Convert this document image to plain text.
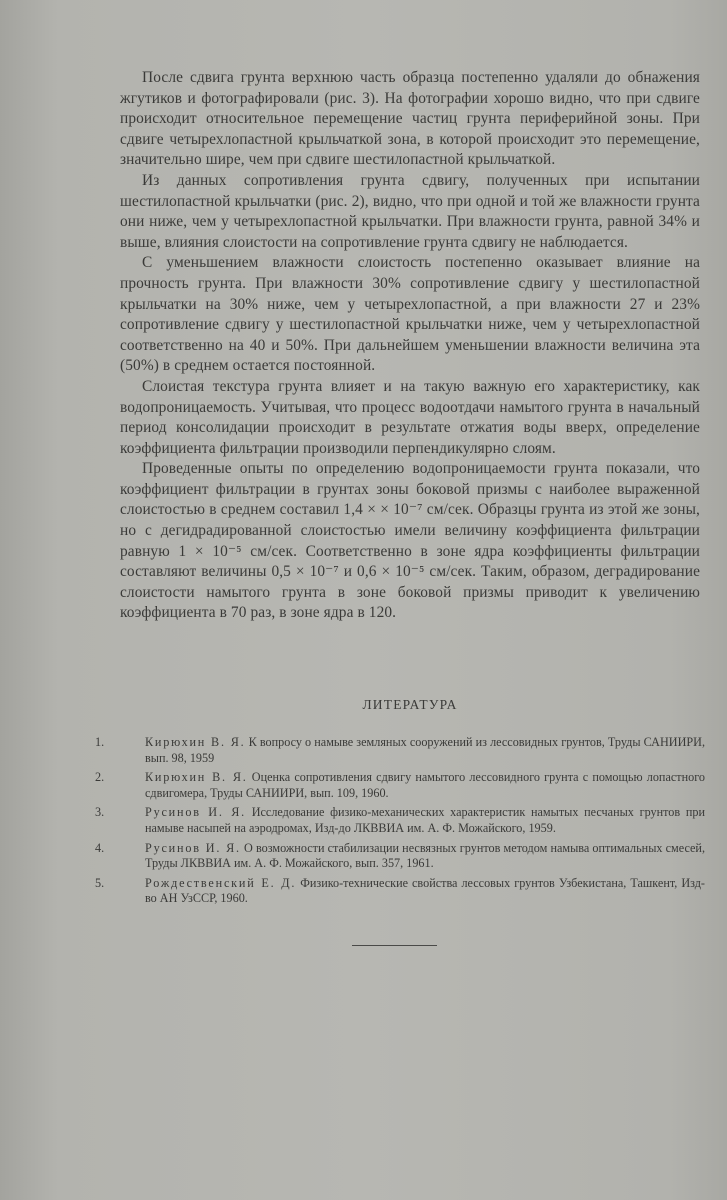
После сдвига грунта верхнюю часть образца постепенно удаляли до обнажения жгутиков и фотографировали (рис. 3). На фотографии хорошо видно, что при сдвиге происходит относительное перемещение частиц грунта периферийной зоны. При сдвиге четырехлопастной крыльчаткой зона, в которой происходит это перемещение, значительно шире, чем при сдвиге шестилопастной крыльчаткой.

Из данных сопротивления грунта сдвигу, полученных при испытании шестилопастной крыльчатки (рис. 2), видно, что при одной и той же влажности грунта они ниже, чем у четырехлопастной крыльчатки. При влажности грунта, равной 34% и выше, влияния слоистости на сопротивление грунта сдвигу не наблюдается.

С уменьшением влажности слоистость постепенно оказывает влияние на прочность грунта. При влажности 30% сопротивление сдвигу у шестилопастной крыльчатки на 30% ниже, чем у четырехлопастной, а при влажности 27 и 23% сопротивление сдвигу у шестилопастной крыльчатки ниже, чем у четырехлопастной соответственно на 40 и 50%. При дальнейшем уменьшении влажности величина эта (50%) в среднем остается постоянной.

Слоистая текстура грунта влияет и на такую важную его характеристику, как водопроницаемость. Учитывая, что процесс водоотдачи намытого грунта в начальный период консолидации происходит в результате отжатия воды вверх, определение коэффициента фильтрации производили перпендикулярно слоям.

Проведенные опыты по определению водопроницаемости грунта показали, что коэффициент фильтрации в грунтах зоны боковой призмы с наиболее выраженной слоистостью в среднем составил 1,4 × × 10⁻⁷ см/сек. Образцы грунта из этой же зоны, но с дегидрадированной слоистостью имели величину коэффициента фильтрации равную 1 × 10⁻⁵ см/сек. Соответственно в зоне ядра коэффициенты фильтрации составляют величины 0,5 × 10⁻⁷ и 0,6 × 10⁻⁵ см/сек. Таким, образом, деградирование слоистости намытого грунта в зоне боковой призмы приводит к увеличению коэффициента в 70 раз, в зоне ядра в 120.

ЛИТЕРАТУРА
1.	Кирюхин В. Я. К вопросу о намыве земляных сооружений из лессовидных грунтов, Труды САНИИРИ, вып. 98, 1959
2.	Кирюхин В. Я. Оценка сопротивления сдвигу намытого лессовидного грунта с помощью лопастного сдвигомера, Труды САНИИРИ, вып. 109, 1960.
3.	Русинов И. Я. Исследование физико-механических характеристик намытых песчаных грунтов при намыве насыпей на аэродромах, Изд-до ЛКВВИА им. А. Ф. Можайского, 1959.
4.	Русинов И. Я. О возможности стабилизации несвязных грунтов методом намыва оптимальных смесей, Труды ЛКВВИА им. А. Ф. Можайского, вып. 357, 1961.
5.	Рождественский Е. Д. Физико-технические свойства лессовых грунтов Узбекистана, Ташкент, Изд-во АН УзССР, 1960.
